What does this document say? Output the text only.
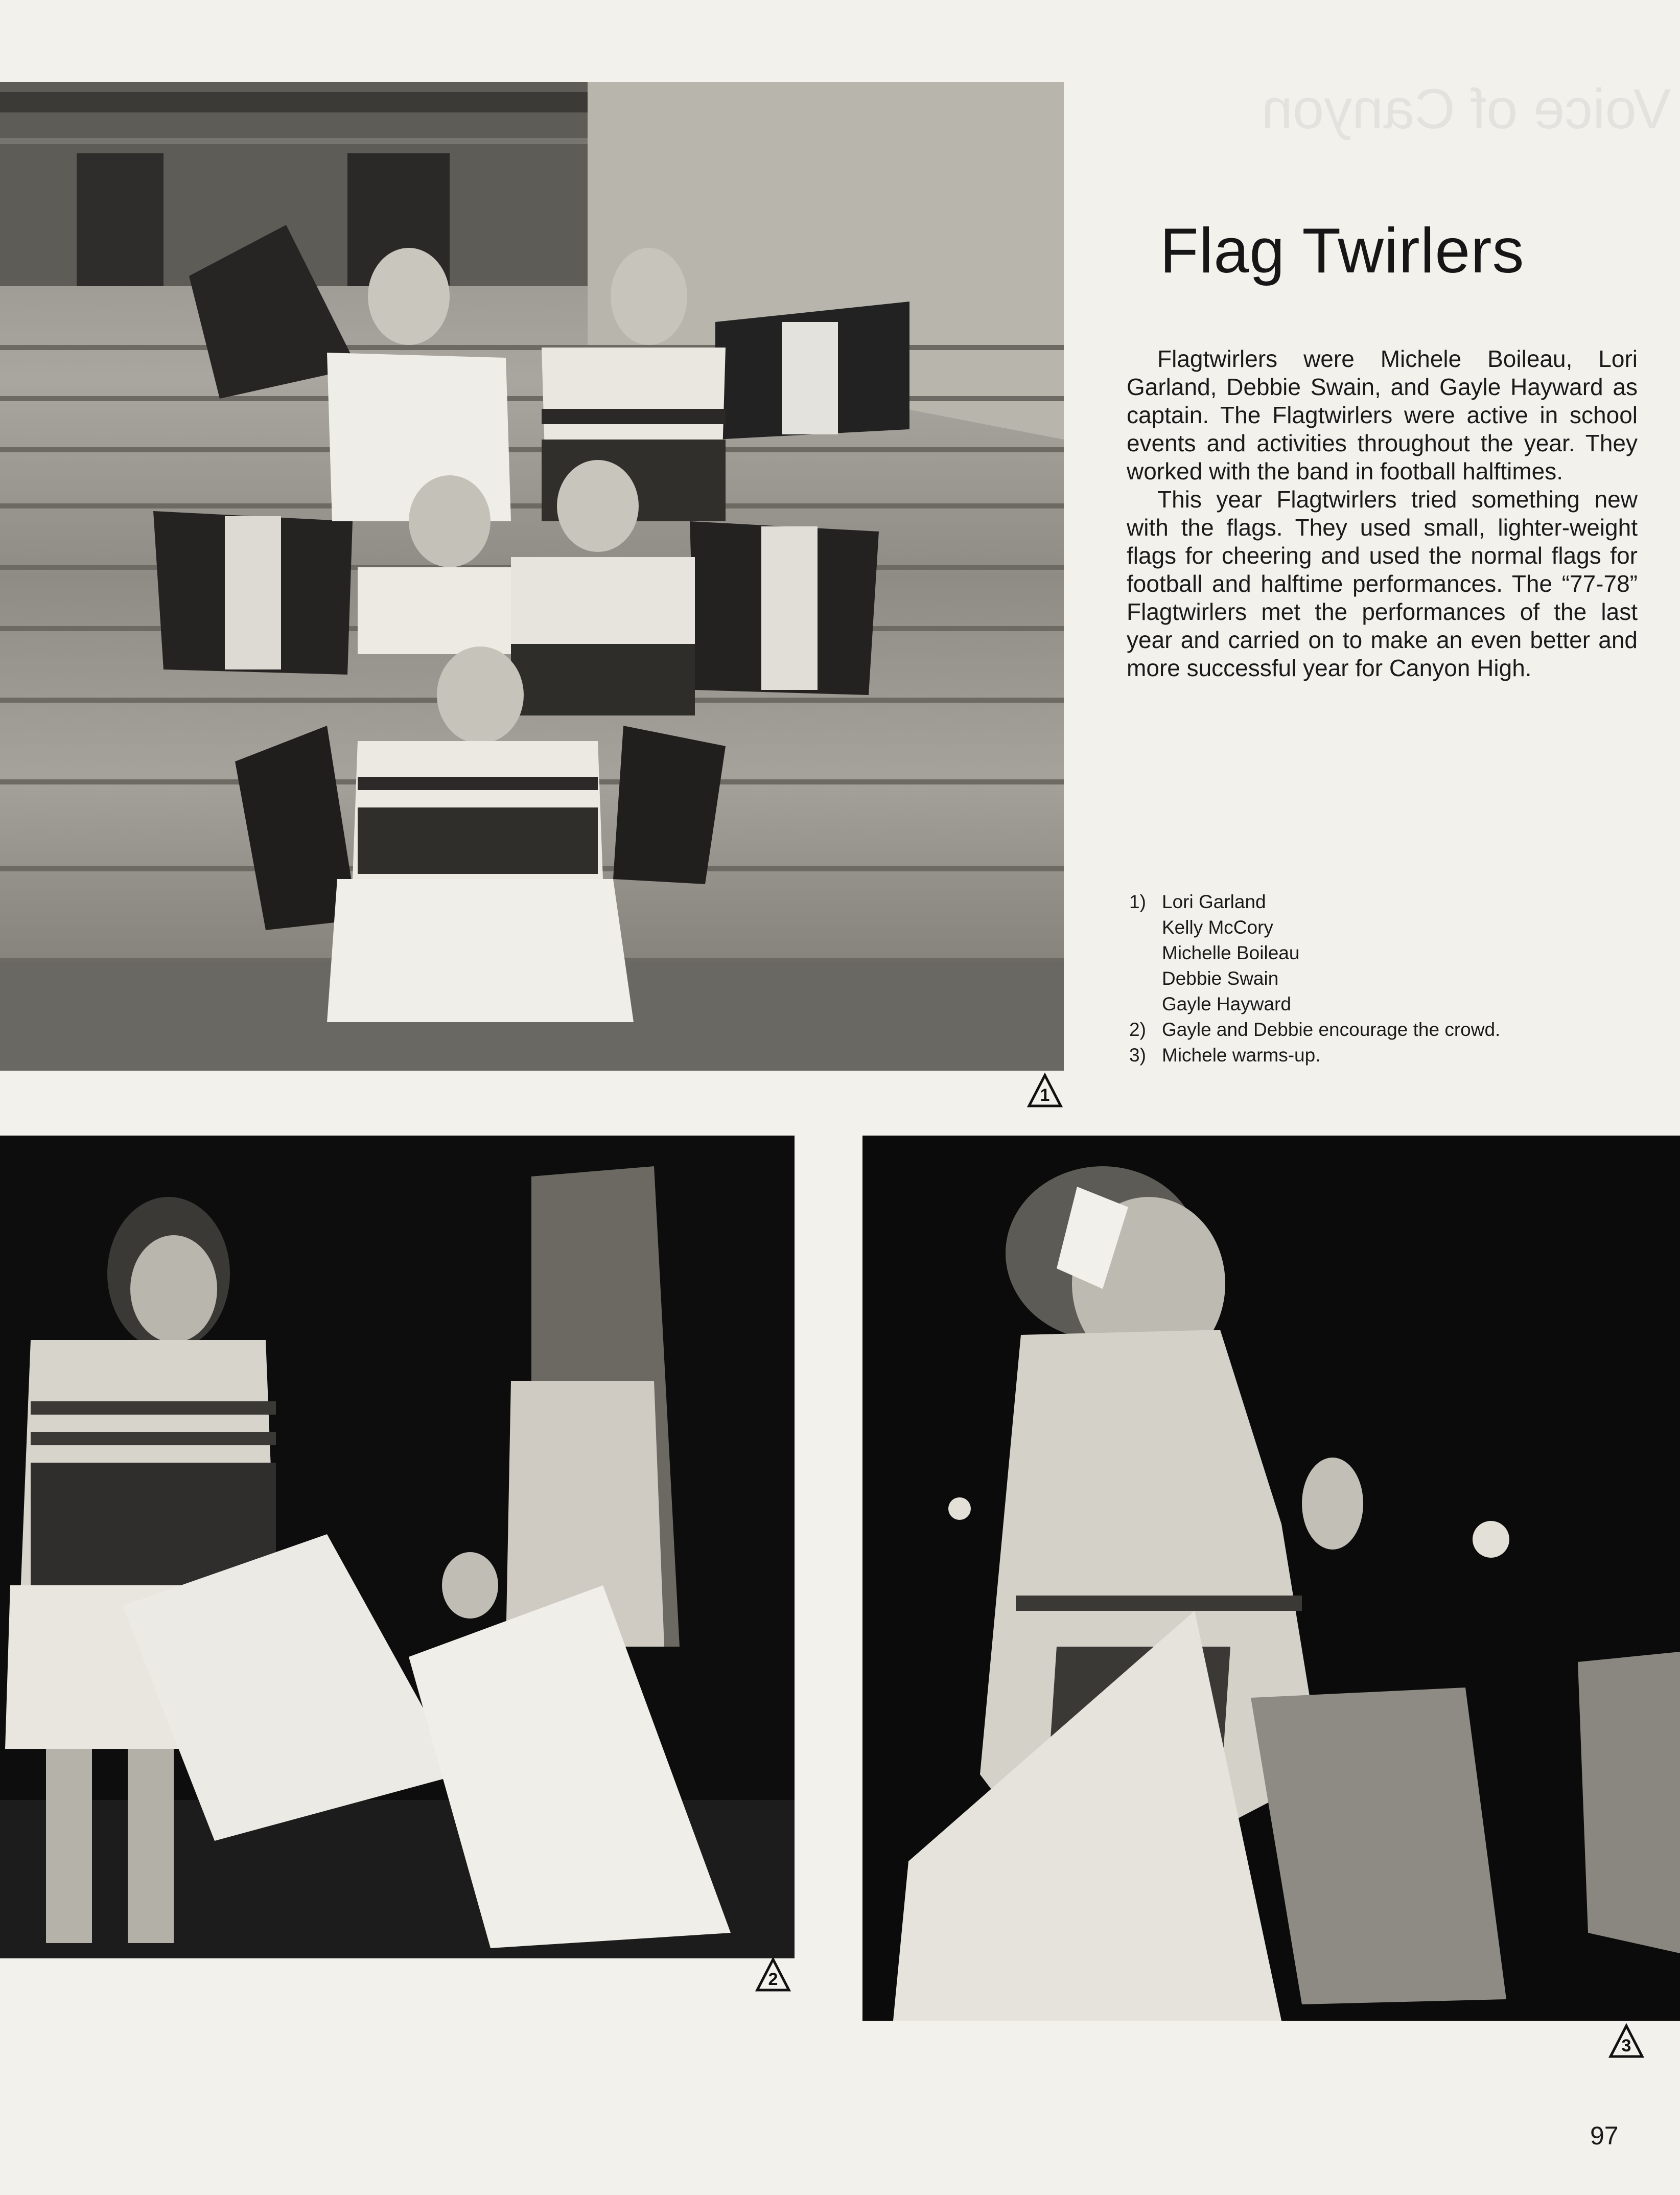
Voice of Canyon
1
Flag Twirlers

Flagtwirlers were Michele Boileau, Lori Garland, Debbie Swain, and Gayle Hayward as captain. The Flagtwirlers were active in school events and activities throughout the year. They worked with the band in football halftimes.

This year Flagtwirlers tried something new with the flags. They used small, lighter-weight flags for cheering and used the normal flags for football and halftime performances. The “77-78” Flagtwirlers met the performances of the last year and carried on to make an even better and more successful year for Canyon High.

1) Lori Garland
Kelly McCory
Michelle Boileau
Debbie Swain
Gayle Hayward
2) Gayle and Debbie encourage the crowd.
3) Michele warms-up.
2
3
97
